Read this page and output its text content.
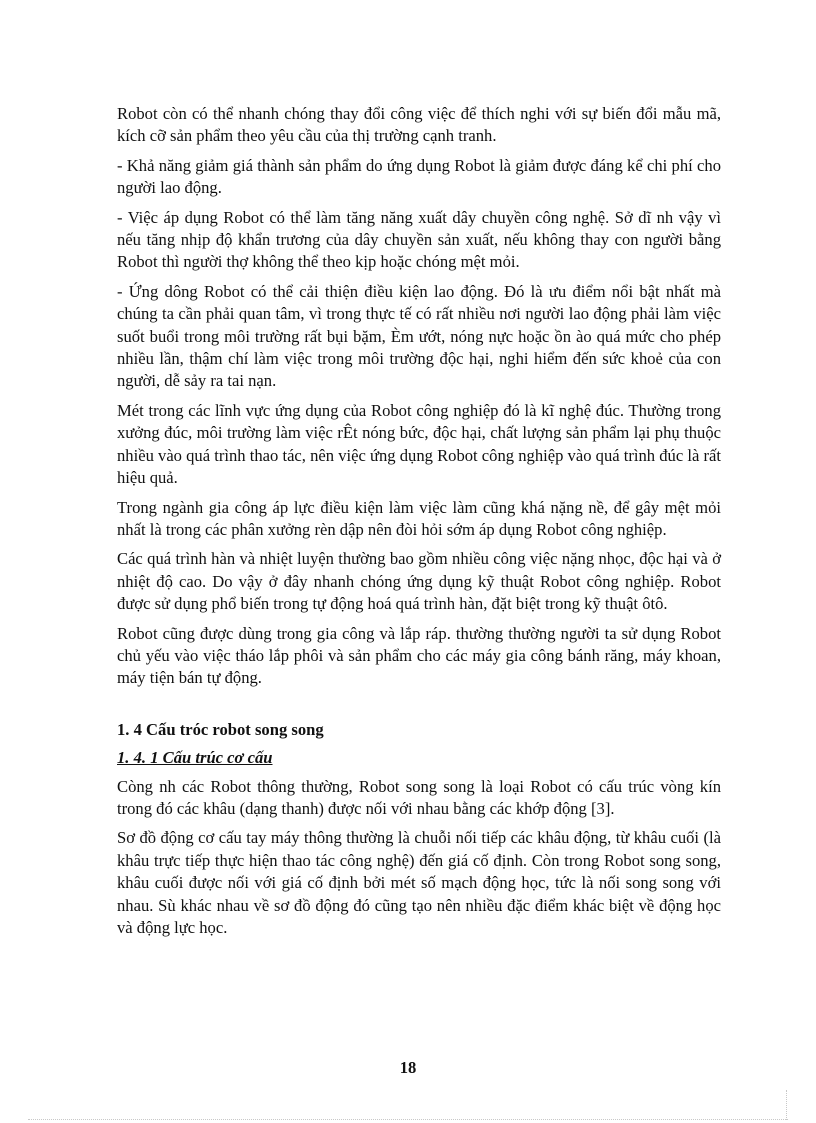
Robot còn có thể nhanh chóng thay đổi công việc để thích nghi với sự biến đổi mẫu mã, kích cỡ sản phẩm theo yêu cầu của thị trường cạnh tranh.

- Khả năng giảm giá thành sản phẩm do ứng dụng Robot là giảm được đáng kể chi phí cho người lao động.

- Việc áp dụng Robot có thể làm tăng năng xuất dây chuyền công nghệ. Sở dĩ nh vậy vì nếu tăng nhịp độ khẩn trương của dây chuyền sản xuất, nếu không thay con người bằng Robot thì người thợ không thể theo kịp hoặc chóng mệt mỏi.

- Ứng dông Robot có thể cải thiện điều kiện lao động. Đó là ưu điểm nổi bật nhất mà chúng ta cần phải quan tâm, vì trong thực tế có rất nhiều nơi người lao động phải làm việc suốt buổi trong môi trường rất bụi bặm, Èm ướt, nóng nực hoặc ồn ào quá mức cho phép nhiều lần, thậm chí làm việc trong môi trường độc hại, nghi hiểm đến sức khoẻ của con người, dễ sảy ra tai nạn.

Mét trong các lĩnh vực ứng dụng của Robot công nghiệp đó là kĩ nghệ đúc. Thường trong xưởng đúc, môi trường làm việc rÊt nóng bức, độc hại, chất lượng sản phẩm lại phụ thuộc nhiều vào quá trình thao tác, nên việc ứng dụng Robot công nghiệp vào quá trình đúc là rất hiệu quả.

Trong ngành gia công áp lực điều kiện làm việc làm cũng khá nặng nề, để gây mệt mỏi nhất là trong các phân xưởng rèn dập nên đòi hỏi sớm áp dụng Robot công nghiệp.

Các quá trình hàn và nhiệt luyện thường bao gồm nhiều công việc nặng nhọc, độc hại và ở nhiệt độ cao. Do vậy ở đây nhanh chóng ứng dụng kỹ thuật Robot công nghiệp. Robot được sử dụng phổ biến trong tự động hoá quá trình hàn, đặt biệt trong kỹ thuật ôtô.

Robot cũng được dùng trong gia công và lắp ráp. thường thường người ta sử dụng Robot chủ yếu vào việc tháo lắp phôi và sản phẩm cho các máy gia công bánh răng, máy khoan, máy tiện bán tự động.

1. 4 Cấu tróc robot song song
1. 4. 1 Cấu trúc cơ cấu

Còng nh các Robot thông thường, Robot song song là loại Robot có cấu trúc vòng kín trong đó các khâu (dạng thanh) được nối với nhau bằng các khớp động [3].

Sơ đồ động cơ cấu tay máy thông thường là chuỗi nối tiếp các khâu động, từ khâu cuối (là khâu trực tiếp thực hiện thao tác công nghệ) đến giá cố định. Còn trong Robot song song, khâu cuối được nối với giá cố định bởi mét số mạch động học, tức là nối song song với nhau. Sù khác nhau về sơ đồ động đó cũng tạo nên nhiều đặc điểm khác biệt về động học và động lực học.

18
